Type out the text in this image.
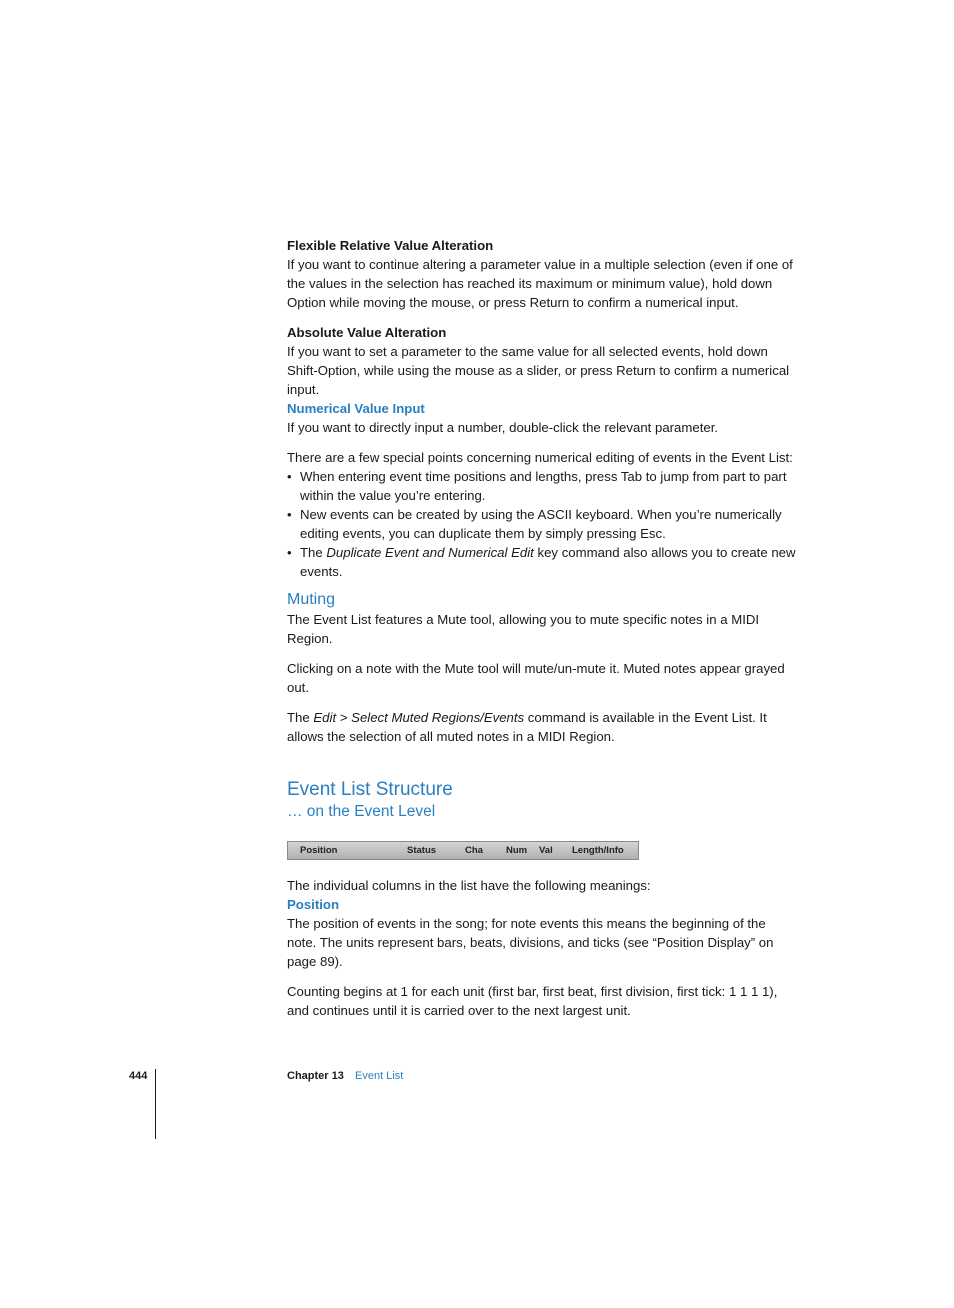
Flexible Relative Value Alteration

If you want to continue altering a parameter value in a multiple selection (even if one of the values in the selection has reached its maximum or minimum value), hold down Option while moving the mouse, or press Return to confirm a numerical input.

Absolute Value Alteration

If you want to set a parameter to the same value for all selected events, hold down Shift-Option, while using the mouse as a slider, or press Return to confirm a numerical input.

Numerical Value Input

If you want to directly input a number, double-click the relevant parameter.

There are a few special points concerning numerical editing of events in the Event List:

• When entering event time positions and lengths, press Tab to jump from part to part within the value you’re entering.
• New events can be created by using the ASCII keyboard. When you’re numerically editing events, you can duplicate them by simply pressing Esc.
• The Duplicate Event and Numerical Edit key command also allows you to create new events.

Muting

The Event List features a Mute tool, allowing you to mute specific notes in a MIDI Region.

Clicking on a note with the Mute tool will mute/un-mute it. Muted notes appear grayed out.

The Edit > Select Muted Regions/Events command is available in the Event List. It allows the selection of all muted notes in a MIDI Region.

Event List Structure

… on the Event Level

Position	Status	Cha Num Val Length/Info

The individual columns in the list have the following meanings:

Position

The position of events in the song; for note events this means the beginning of the note. The units represent bars, beats, divisions, and ticks (see “Position Display” on page 89).

Counting begins at 1 for each unit (first bar, first beat, first division, first tick: 1 1 1 1), and continues until it is carried over to the next largest unit.

444	Chapter 13 Event List
